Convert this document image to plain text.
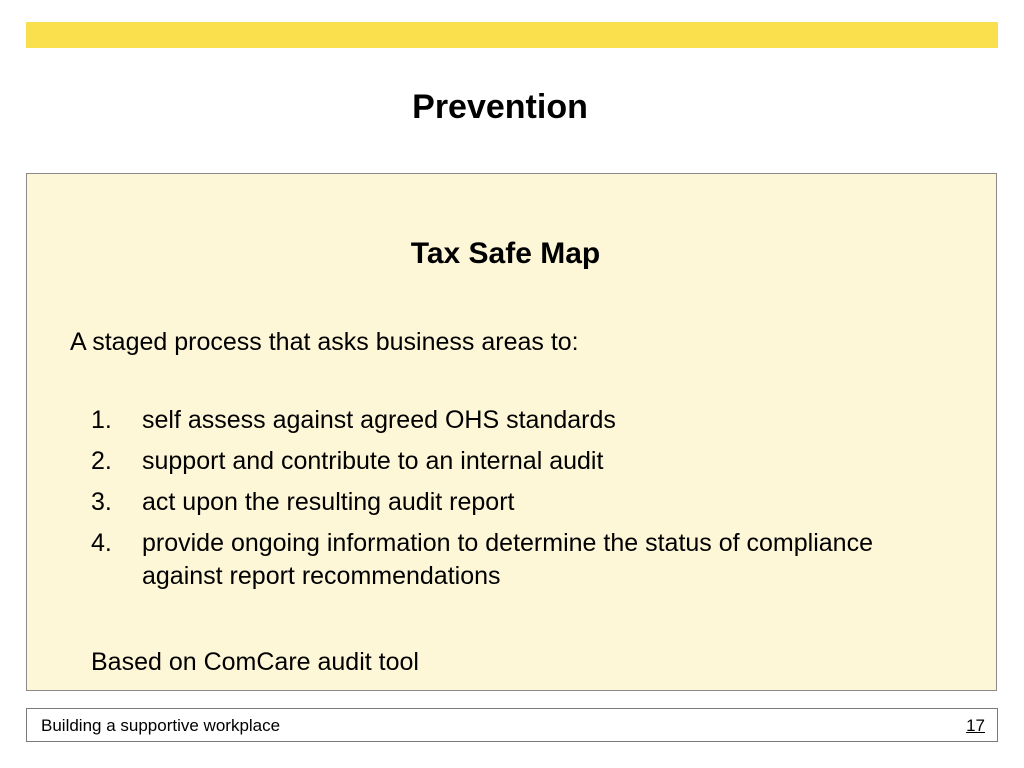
Prevention
Tax Safe Map
A staged process that asks business areas to:
1.	self assess against agreed OHS standards
2.	support and contribute to an internal audit
3.	act upon the resulting audit report
4.	provide ongoing information to determine the status of compliance against report recommendations
Based on ComCare audit tool
Building a supportive workplace	17
